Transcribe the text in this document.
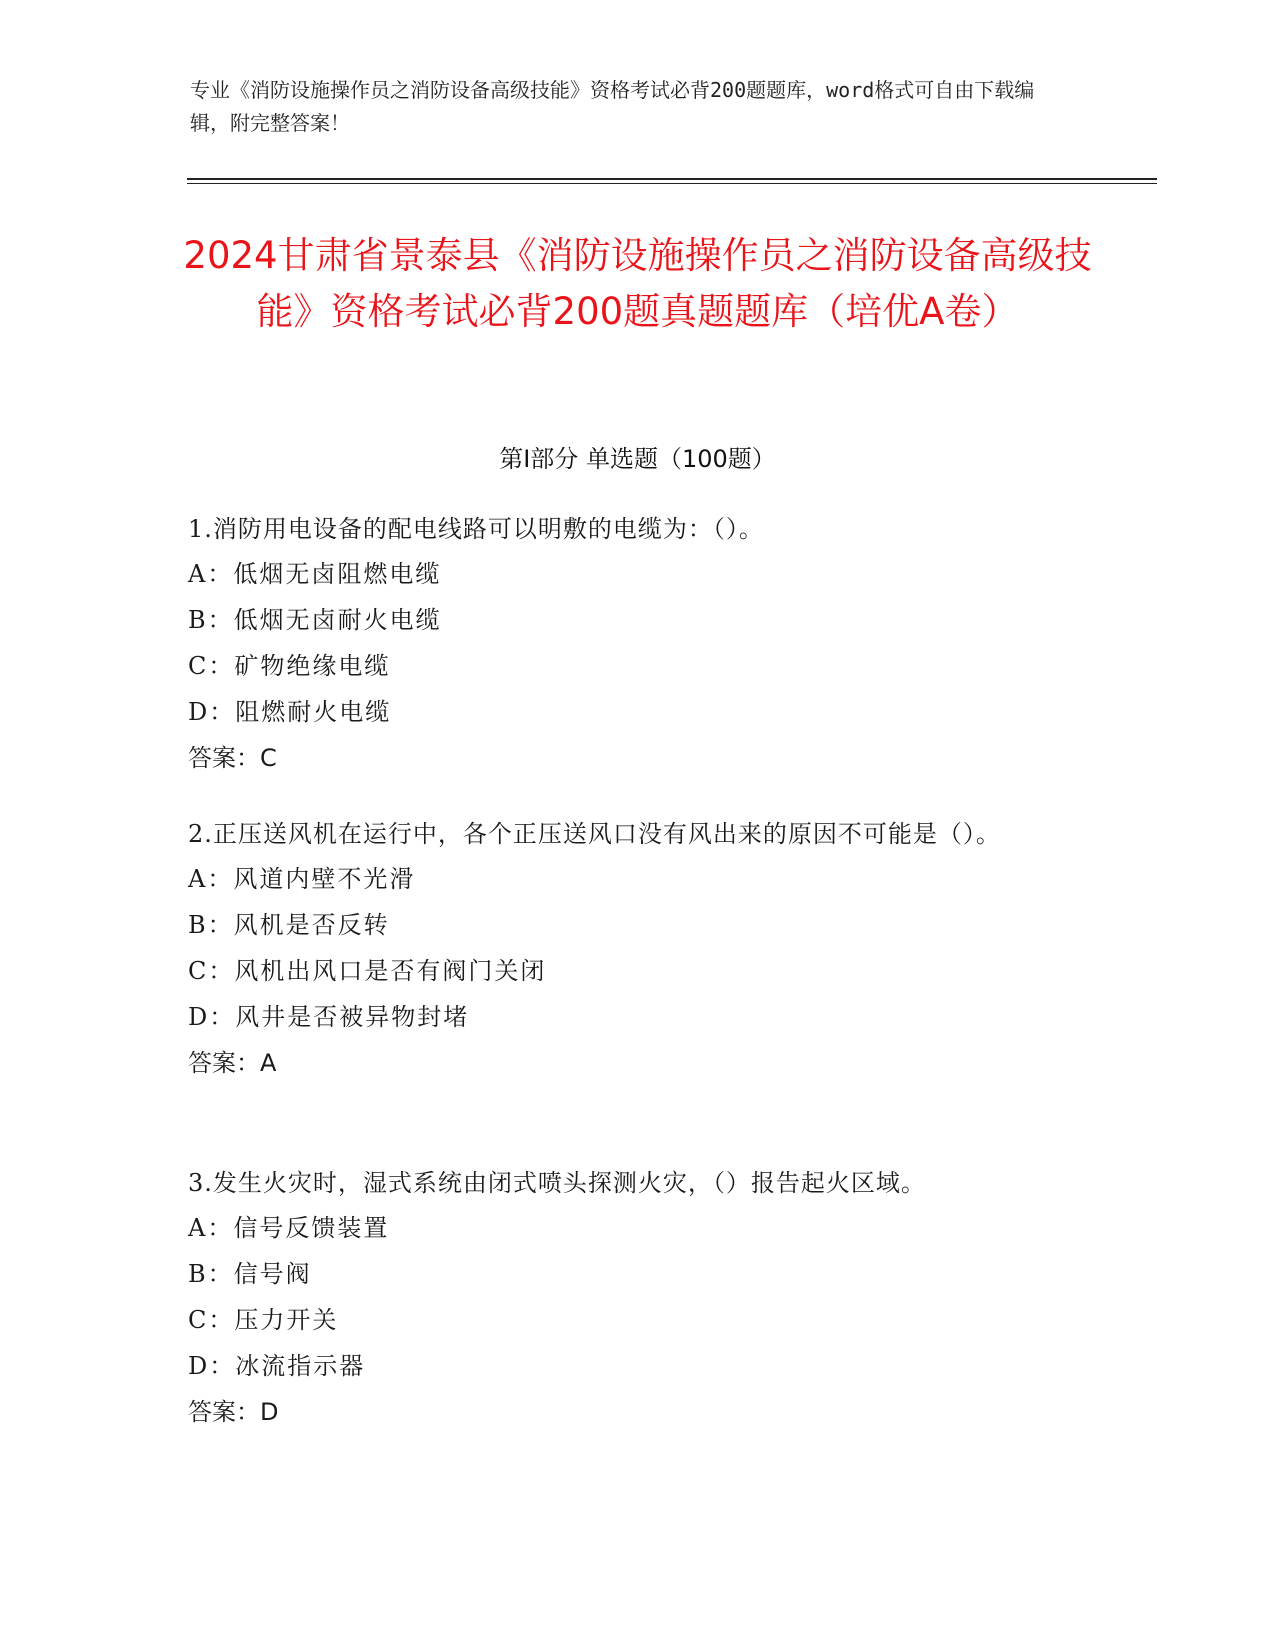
专业《消防设施操作员之消防设备高级技能》资格考试必背200题题库，word格式可自由下载编辑，附完整答案！
2024甘肃省景泰县《消防设施操作员之消防设备高级技能》资格考试必背200题真题题库（培优A卷）
第Ⅰ部分 单选题（100题）
1.消防用电设备的配电线路可以明敷的电缆为：（）。
A：低烟无卤阻燃电缆
B：低烟无卤耐火电缆
C：矿物绝缘电缆
D：阻燃耐火电缆
答案：C
2.正压送风机在运行中，各个正压送风口没有风出来的原因不可能是（）。
A：风道内壁不光滑
B：风机是否反转
C：风机出风口是否有阀门关闭
D：风井是否被异物封堵
答案：A
3.发生火灾时，湿式系统由闭式喷头探测火灾，（）报告起火区域。
A：信号反馈装置
B：信号阀
C：压力开关
D：冰流指示器
答案：D
